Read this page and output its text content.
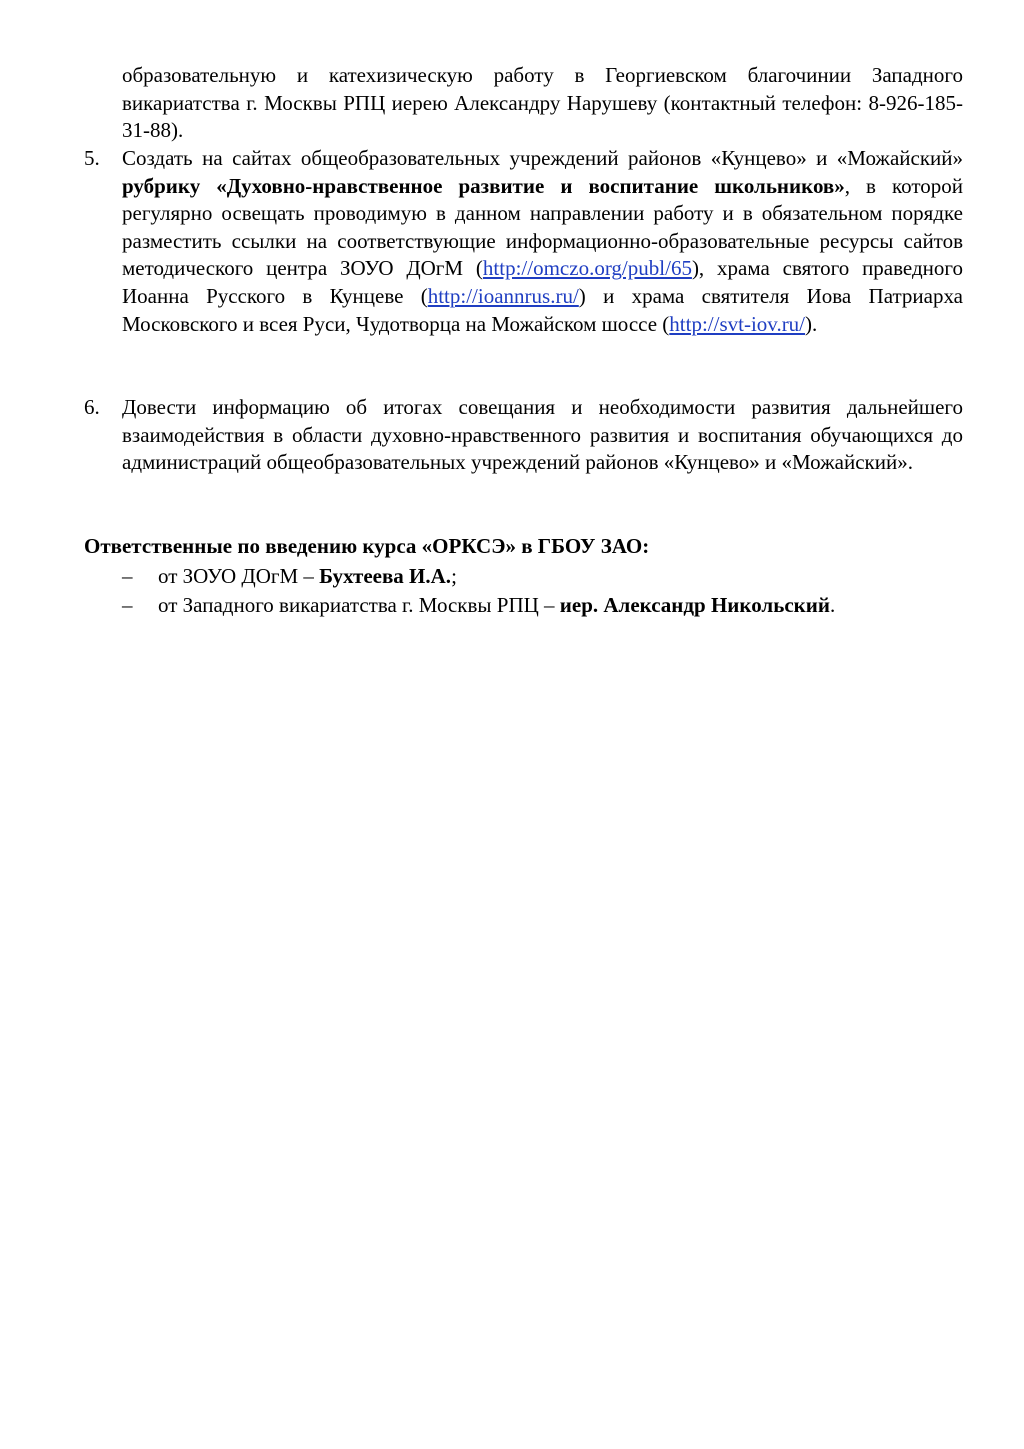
образовательную и катехизическую работу в Георгиевском благочинии Западного викариатства г. Москвы РПЦ иерею Александру Нарушеву (контактный телефон: 8-926-185-31-88).
5. Создать на сайтах общеобразовательных учреждений районов «Кунцево» и «Можайский» рубрику «Духовно-нравственное развитие и воспитание школьников», в которой регулярно освещать проводимую в данном направлении работу и в обязательном порядке разместить ссылки на соответствующие информационно-образовательные ресурсы сайтов методического центра ЗОУО ДОгМ (http://omczo.org/publ/65), храма святого праведного Иоанна Русского в Кунцеве (http://ioannrus.ru/) и храма святителя Иова Патриарха Московского и всея Руси, Чудотворца на Можайском шоссе (http://svt-iov.ru/).
6. Довести информацию об итогах совещания и необходимости развития дальнейшего взаимодействия в области духовно-нравственного развития и воспитания обучающихся до администраций общеобразовательных учреждений районов «Кунцево» и «Можайский».
Ответственные по введению курса «ОРКСЭ» в ГБОУ ЗАО:
– от ЗОУО ДОгМ – Бухтеева И.А.;
– от Западного викариатства г. Москвы РПЦ – иер. Александр Никольский.
